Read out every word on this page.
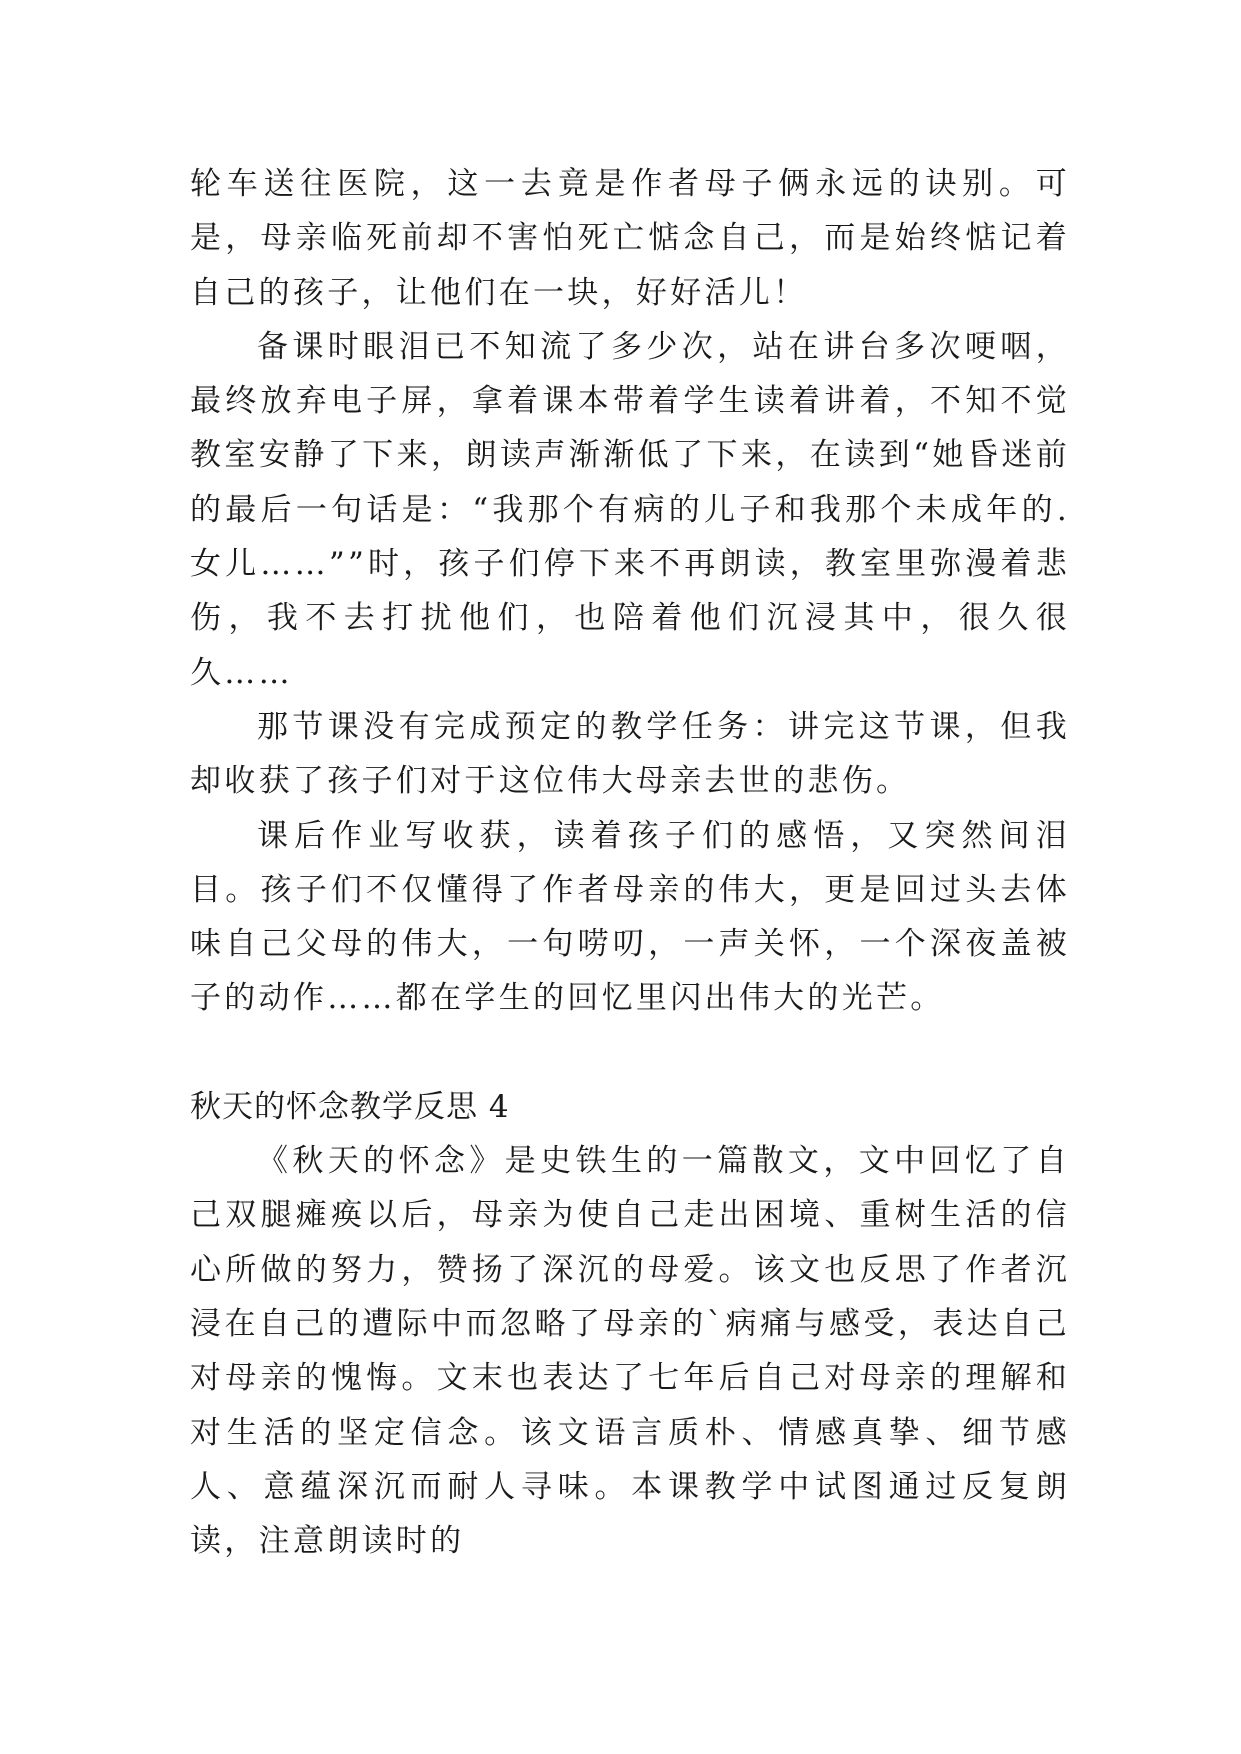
轮车送往医院，这一去竟是作者母子俩永远的诀别。可是，母亲临死前却不害怕死亡惦念自己，而是始终惦记着自己的孩子，让他们在一块，好好活儿！

备课时眼泪已不知流了多少次，站在讲台多次哽咽，最终放弃电子屏，拿着课本带着学生读着讲着，不知不觉教室安静了下来，朗读声渐渐低了下来，在读到“她昏迷前的最后一句话是：“我那个有病的儿子和我那个未成年的.女儿……””时，孩子们停下来不再朗读，教室里弥漫着悲伤，我不去打扰他们，也陪着他们沉浸其中，很久很久……

那节课没有完成预定的教学任务：讲完这节课，但我却收获了孩子们对于这位伟大母亲去世的悲伤。

课后作业写收获，读着孩子们的感悟，又突然间泪目。孩子们不仅懂得了作者母亲的伟大，更是回过头去体味自己父母的伟大，一句唠叨，一声关怀，一个深夜盖被子的动作……都在学生的回忆里闪出伟大的光芒。

秋天的怀念教学反思 4

《秋天的怀念》是史铁生的一篇散文，文中回忆了自己双腿瘫痪以后，母亲为使自己走出困境、重树生活的信心所做的努力，赞扬了深沉的母爱。该文也反思了作者沉浸在自己的遭际中而忽略了母亲的`病痛与感受，表达自己对母亲的愧悔。文末也表达了七年后自己对母亲的理解和对生活的坚定信念。该文语言质朴、情感真挚、细节感人、意蕴深沉而耐人寻味。本课教学中试图通过反复朗读，注意朗读时的
